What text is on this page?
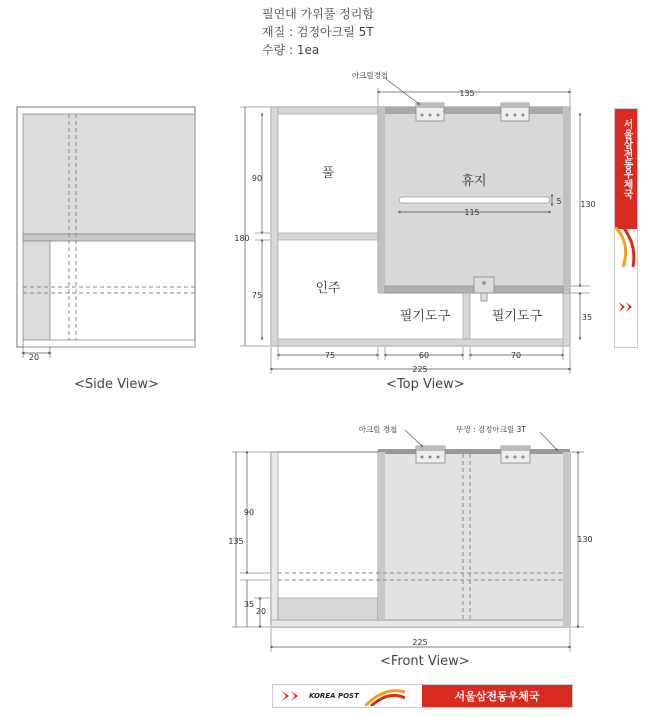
필연대 가위풀 정리함
재질 : 검정아크릴 5T
수량 : 1ea
20
아크릴경첩
135
90
180
75
130
35
115
5
75	60	70
225
아크릴 경첩	뚜껑 : 검정아크릴 3T
90
135
35
20
130
225
풀
인주
휴지
필기도구	필기도구
<Side View>	<Top View>
<Front View>
KOREA POST	서울삼전동우체국
서울삼전동우체국
